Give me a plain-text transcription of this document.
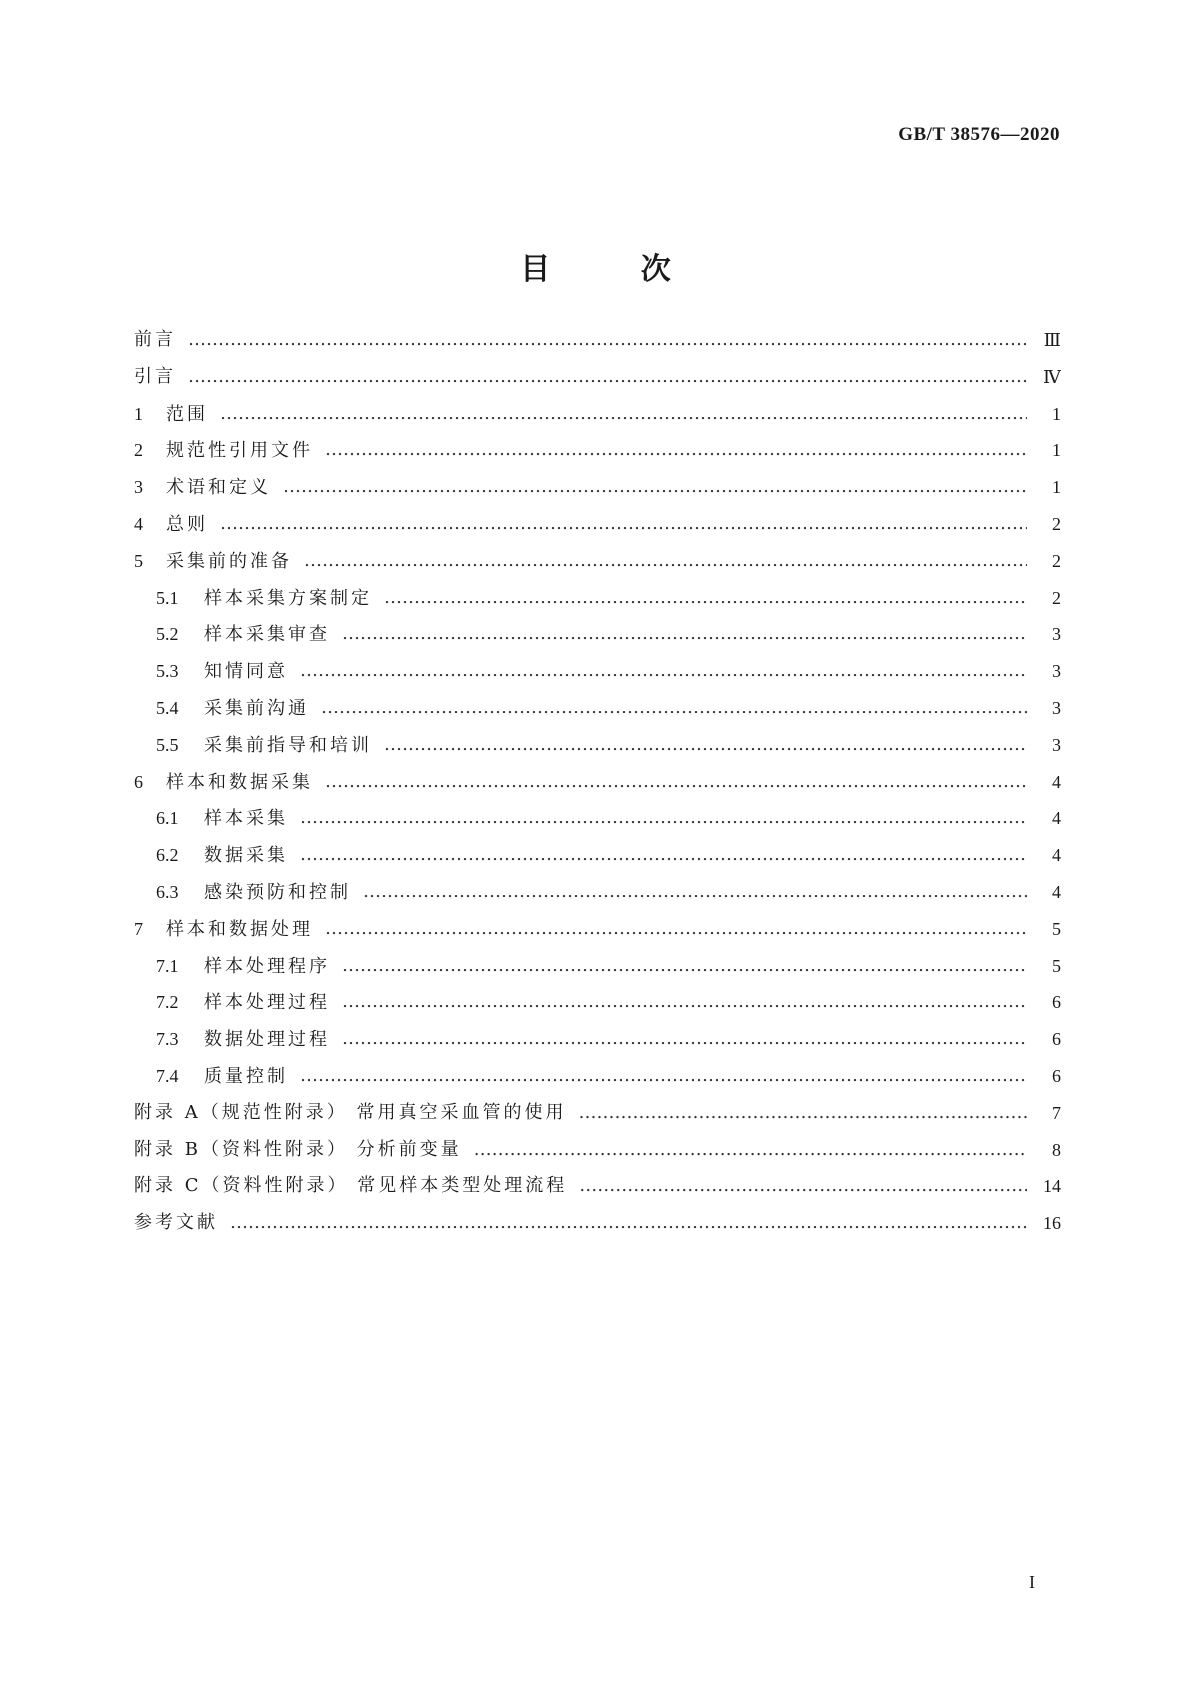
GB/T 38576—2020
目 次
前言 ………………………………………………………………………………………………………………………………………………………………	Ⅲ
引言 ………………………………………………………………………………………………………………………………………………………………	Ⅳ
1 范围 ………………………………………………………………………………………………………………………………………………………………	1
2 规范性引用文件 ………………………………………………………………………………………………………………………………………………………………	1
3 术语和定义 ………………………………………………………………………………………………………………………………………………………………	1
4 总则 ………………………………………………………………………………………………………………………………………………………………	2
5 采集前的准备 ………………………………………………………………………………………………………………………………………………………………	2
5.1 样本采集方案制定 ………………………………………………………………………………………………………………………………………………………………	2
5.2 样本采集审查 ………………………………………………………………………………………………………………………………………………………………	3
5.3 知情同意 ………………………………………………………………………………………………………………………………………………………………	3
5.4 采集前沟通 ………………………………………………………………………………………………………………………………………………………………	3
5.5 采集前指导和培训 ………………………………………………………………………………………………………………………………………………………………	3
6 样本和数据采集 ………………………………………………………………………………………………………………………………………………………………	4
6.1 样本采集 ………………………………………………………………………………………………………………………………………………………………	4
6.2 数据采集 ………………………………………………………………………………………………………………………………………………………………	4
6.3 感染预防和控制 ………………………………………………………………………………………………………………………………………………………………	4
7 样本和数据处理 ………………………………………………………………………………………………………………………………………………………………	5
7.1 样本处理程序 ………………………………………………………………………………………………………………………………………………………………	5
7.2 样本处理过程 ………………………………………………………………………………………………………………………………………………………………	6
7.3 数据处理过程 ………………………………………………………………………………………………………………………………………………………………	6
7.4 质量控制 ………………………………………………………………………………………………………………………………………………………………	6
附录 A（规范性附录） 常用真空采血管的使用 ………………………………………………………………………………………………………………………………………………………………	7
附录 B（资料性附录） 分析前变量 ………………………………………………………………………………………………………………………………………………………………	8
附录 C（资料性附录） 常见样本类型处理流程 ………………………………………………………………………………………………………………………………………………………………	14
参考文献 ………………………………………………………………………………………………………………………………………………………………	16
I
